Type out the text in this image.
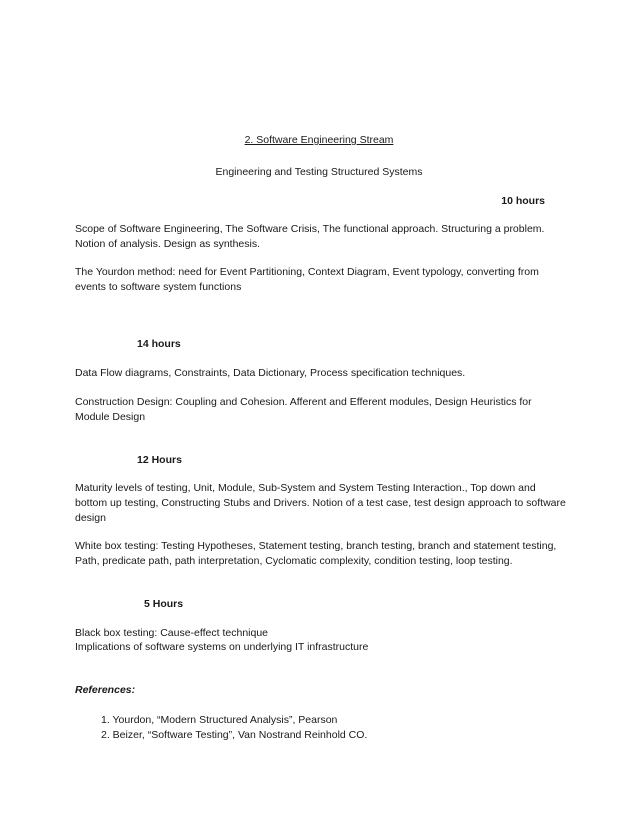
2. Software Engineering Stream
Engineering and Testing Structured Systems
10 hours
Scope of Software Engineering, The Software Crisis, The functional approach. Structuring a problem.
Notion of analysis. Design as synthesis.
The Yourdon method: need for Event Partitioning, Context Diagram, Event typology, converting from
events to software system functions
14 hours
Data Flow diagrams, Constraints, Data Dictionary, Process specification techniques.
Construction Design: Coupling and Cohesion. Afferent and Efferent modules, Design Heuristics for
Module Design
12 Hours
Maturity levels of testing, Unit, Module, Sub-System and System Testing Interaction., Top down and
bottom up testing, Constructing Stubs and Drivers. Notion of a test case, test design approach to software
design
White box testing: Testing Hypotheses, Statement testing, branch testing, branch and statement testing,
Path, predicate path, path interpretation, Cyclomatic complexity, condition testing, loop testing.
5 Hours
Black box testing: Cause-effect technique
Implications of software systems on underlying IT infrastructure
References:
1. Yourdon, “Modern Structured Analysis”, Pearson
2. Beizer, “Software Testing”, Van Nostrand Reinhold CO.
